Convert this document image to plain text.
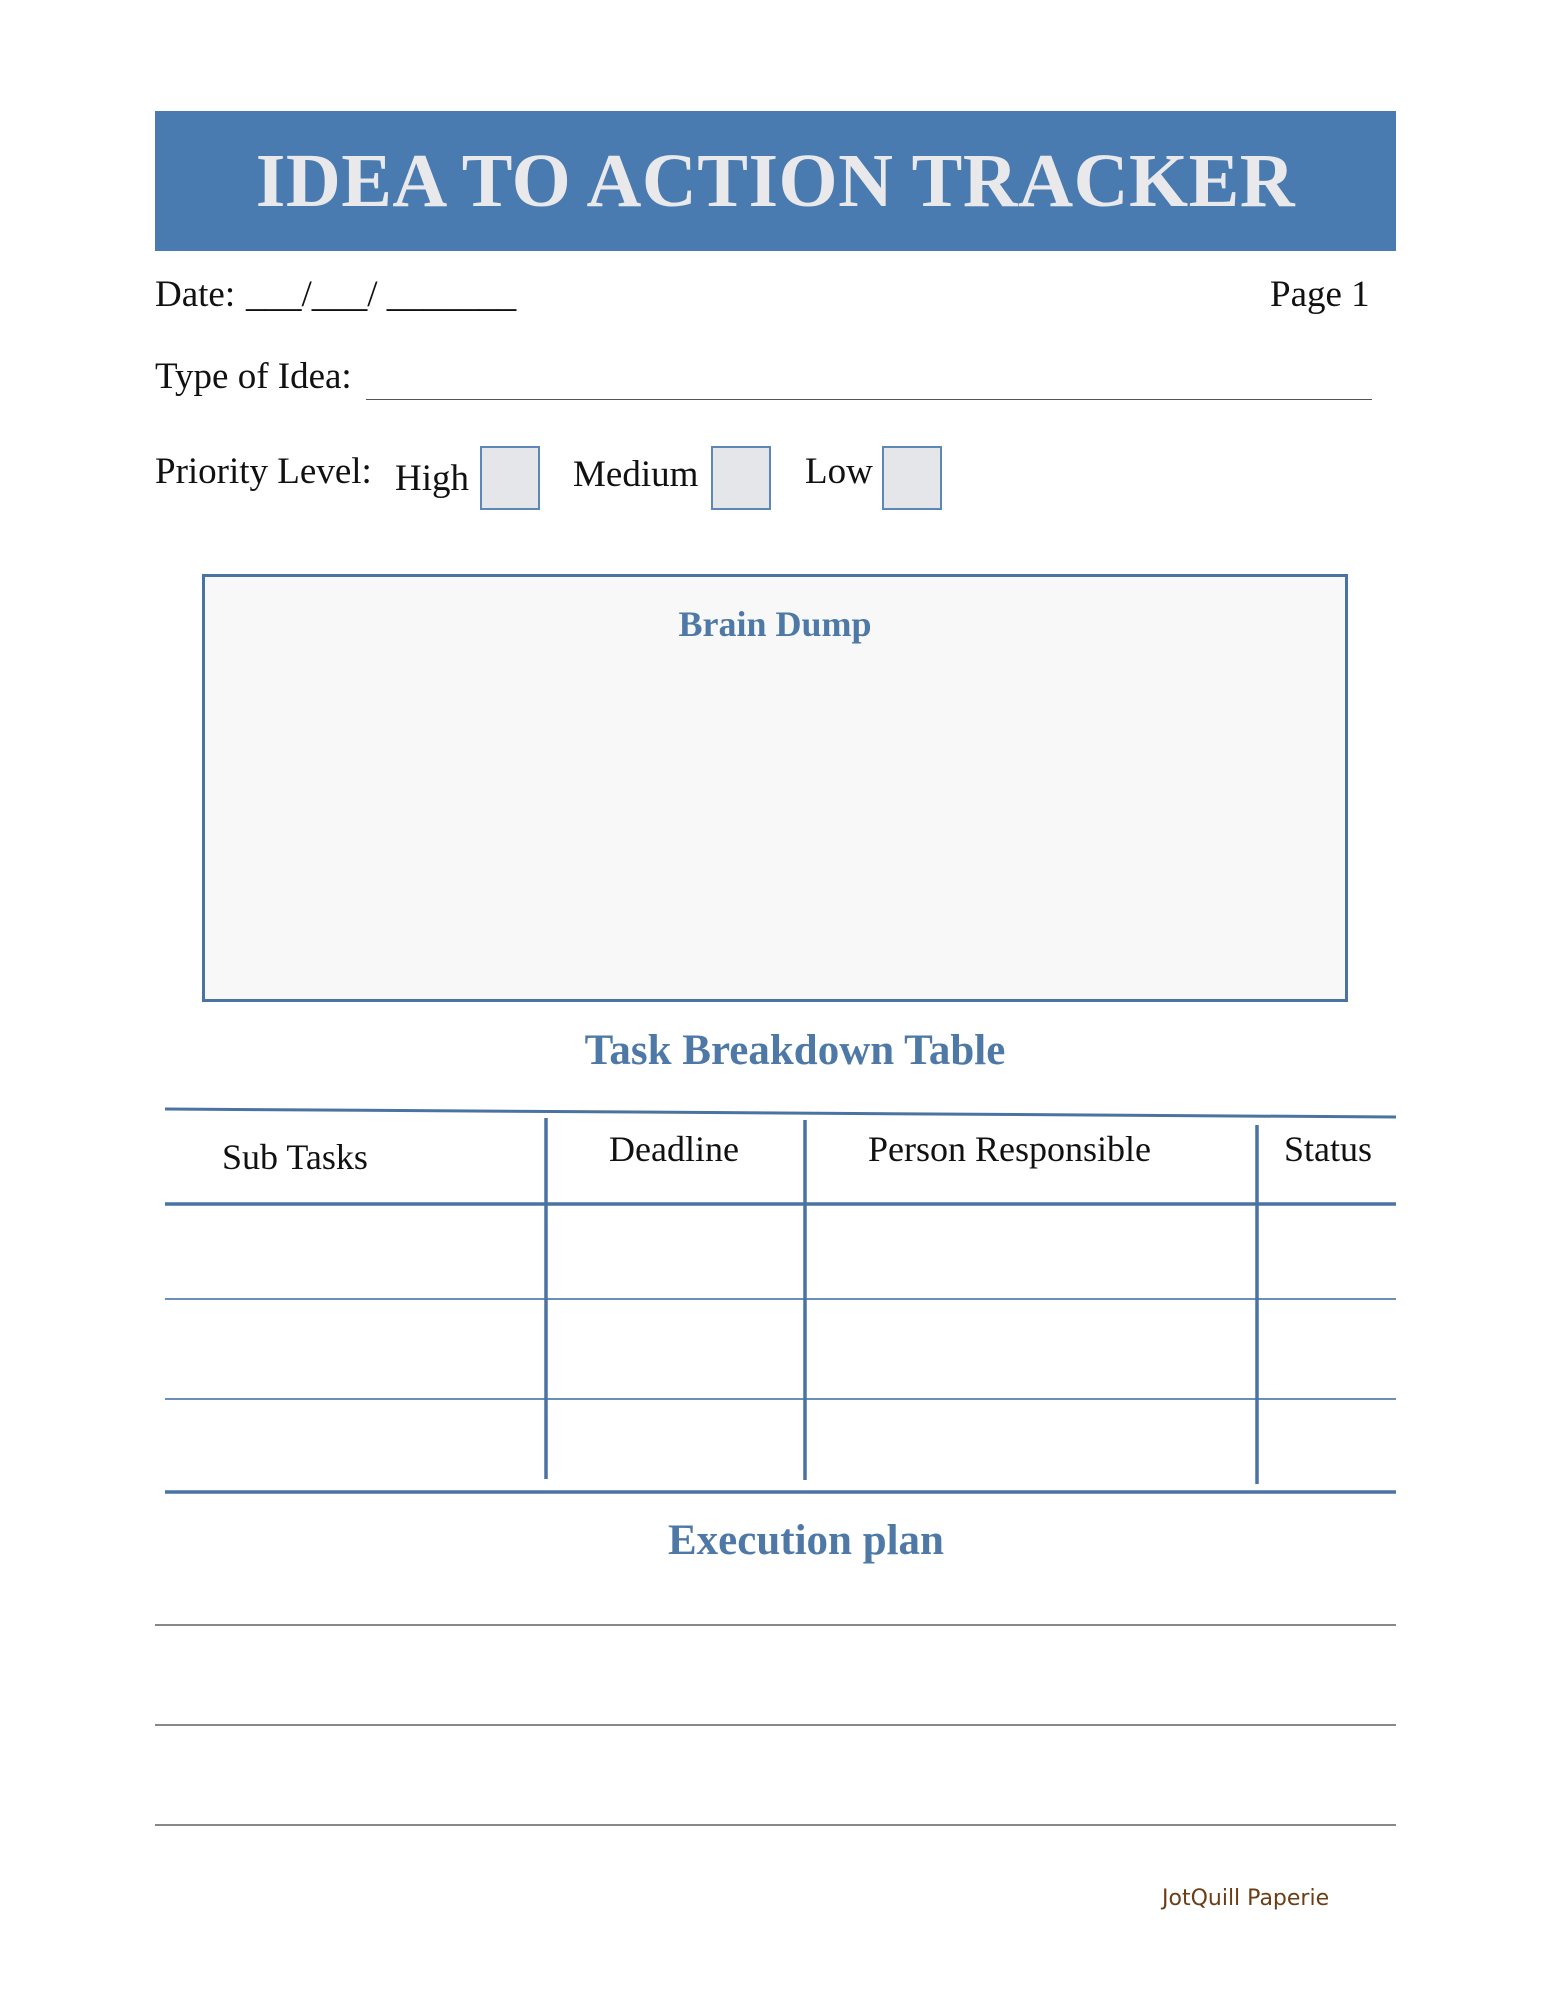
IDEA TO ACTION TRACKER
Date: ___/___/ _______	Page 1
Type of Idea:
Priority Level: High	Medium	Low
Brain Dump
Task Breakdown Table
Sub Tasks	Deadline	Person Responsible	Status
Execution plan
JotQuill Paperie
